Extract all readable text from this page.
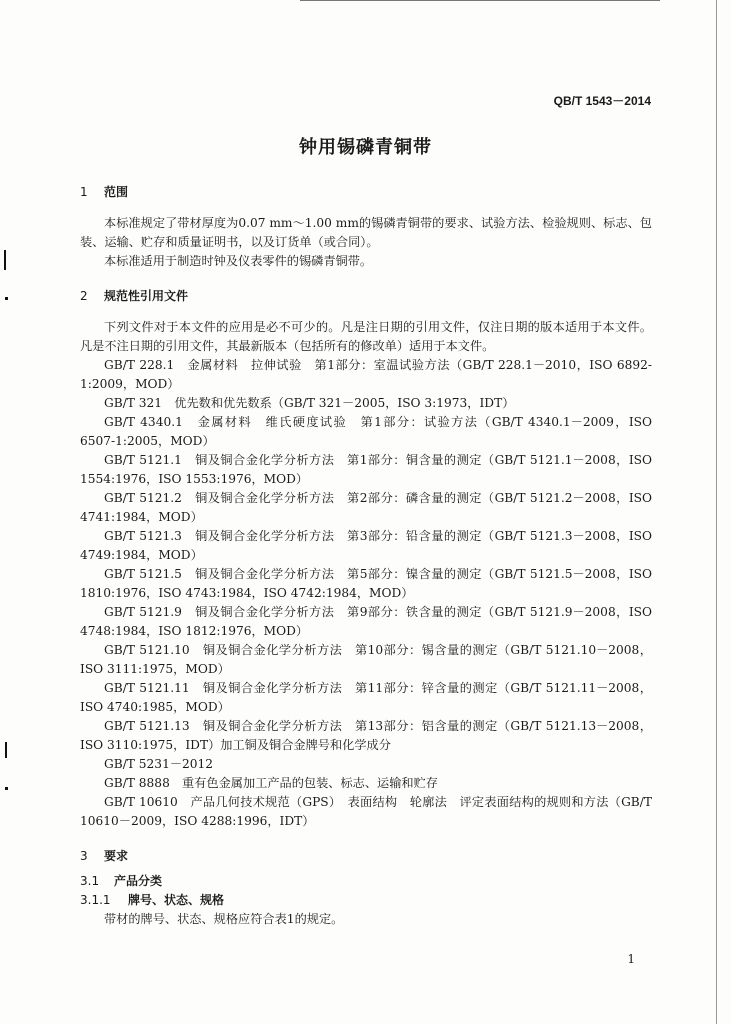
QB/T 1543－2014
钟用锡磷青铜带
1 范围

本标准规定了带材厚度为0.07 mm～1.00 mm的锡磷青铜带的要求、试验方法、检验规则、标志、包装、运输、贮存和质量证明书，以及订货单（或合同）。

本标准适用于制造时钟及仪表零件的锡磷青铜带。

2 规范性引用文件

下列文件对于本文件的应用是必不可少的。凡是注日期的引用文件，仅注日期的版本适用于本文件。凡是不注日期的引用文件，其最新版本（包括所有的修改单）适用于本文件。

GB/T 228.1　金属材料　拉伸试验　第1部分：室温试验方法（GB/T 228.1－2010，ISO 6892-1:2009，MOD）

GB/T 321　优先数和优先数系（GB/T 321－2005，ISO 3:1973，IDT）

GB/T 4340.1　金属材料　维氏硬度试验　第1部分：试验方法（GB/T 4340.1－2009，ISO 6507-1:2005，MOD）

GB/T 5121.1　铜及铜合金化学分析方法　第1部分：铜含量的测定（GB/T 5121.1－2008，ISO 1554:1976，ISO 1553:1976，MOD）

GB/T 5121.2　铜及铜合金化学分析方法　第2部分：磷含量的测定（GB/T 5121.2－2008，ISO 4741:1984，MOD）

GB/T 5121.3　铜及铜合金化学分析方法　第3部分：铅含量的测定（GB/T 5121.3－2008，ISO 4749:1984，MOD）

GB/T 5121.5　铜及铜合金化学分析方法　第5部分：镍含量的测定（GB/T 5121.5－2008，ISO 1810:1976，ISO 4743:1984，ISO 4742:1984，MOD）

GB/T 5121.9　铜及铜合金化学分析方法　第9部分：铁含量的测定（GB/T 5121.9－2008，ISO 4748:1984，ISO 1812:1976，MOD）

GB/T 5121.10　铜及铜合金化学分析方法　第10部分：锡含量的测定（GB/T 5121.10－2008，ISO 3111:1975，MOD）

GB/T 5121.11　铜及铜合金化学分析方法　第11部分：锌含量的测定（GB/T 5121.11－2008，ISO 4740:1985，MOD）

GB/T 5121.13　铜及铜合金化学分析方法　第13部分：铝含量的测定（GB/T 5121.13－2008，ISO 3110:1975，IDT）加工铜及铜合金牌号和化学成分

GB/T 5231－2012

GB/T 8888　重有色金属加工产品的包装、标志、运输和贮存

GB/T 10610　产品几何技术规范（GPS）　表面结构　轮廓法　评定表面结构的规则和方法（GB/T 10610－2009，ISO 4288:1996，IDT）

3 要求
3.1 产品分类
3.1.1 牌号、状态、规格

带材的牌号、状态、规格应符合表1的规定。

1
